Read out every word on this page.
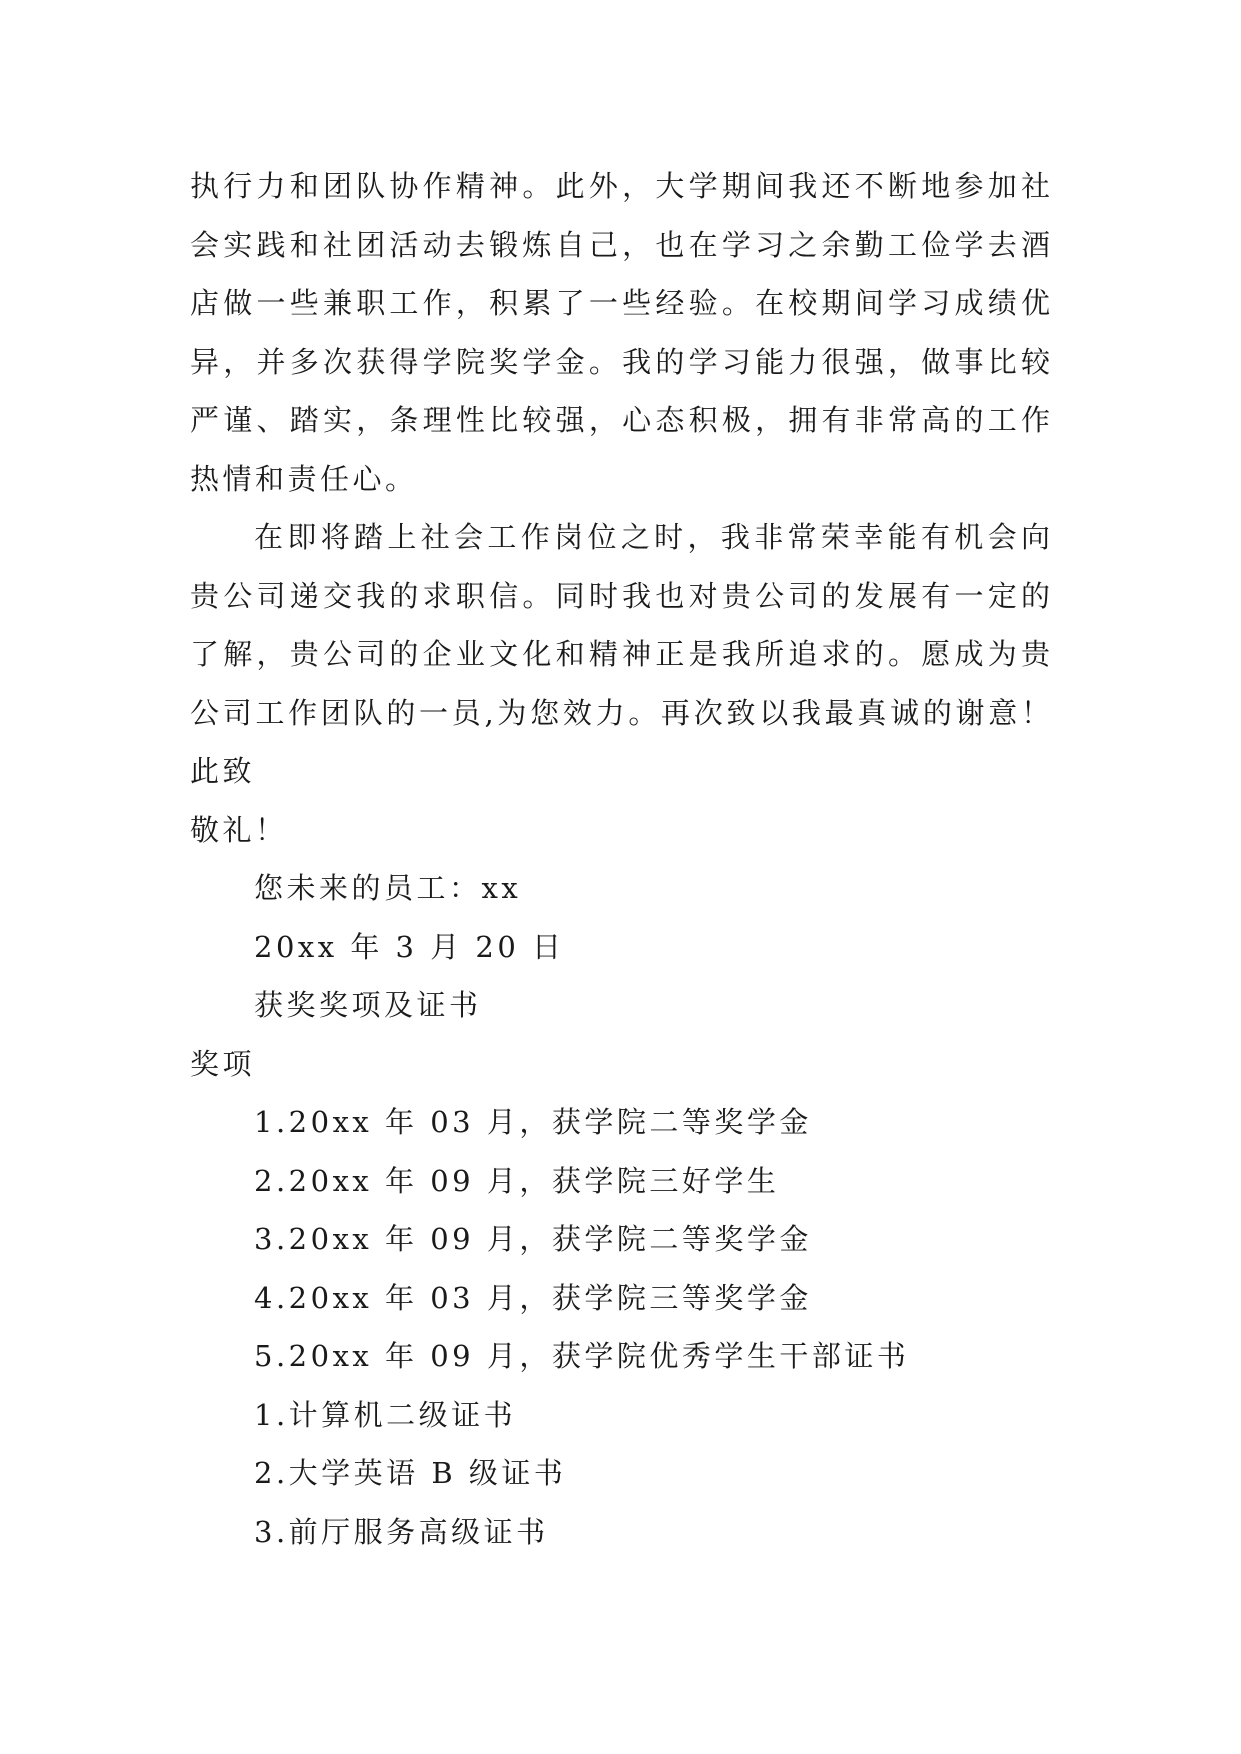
执行力和团队协作精神。此外，大学期间我还不断地参加社
会实践和社团活动去锻炼自己，也在学习之余勤工俭学去酒
店做一些兼职工作，积累了一些经验。在校期间学习成绩优
异，并多次获得学院奖学金。我的学习能力很强，做事比较
严谨、踏实，条理性比较强，心态积极，拥有非常高的工作
热情和责任心。
在即将踏上社会工作岗位之时，我非常荣幸能有机会向
贵公司递交我的求职信。同时我也对贵公司的发展有一定的
了解，贵公司的企业文化和精神正是我所追求的。愿成为贵
公司工作团队的一员,为您效力。再次致以我最真诚的谢意！
此致
敬礼！
您未来的员工：xx
20xx 年 3 月 20 日
获奖奖项及证书
奖项
1.20xx 年 03 月，获学院二等奖学金
2.20xx 年 09 月，获学院三好学生
3.20xx 年 09 月，获学院二等奖学金
4.20xx 年 03 月，获学院三等奖学金
5.20xx 年 09 月，获学院优秀学生干部证书
1.计算机二级证书
2.大学英语 B 级证书
3.前厅服务高级证书
